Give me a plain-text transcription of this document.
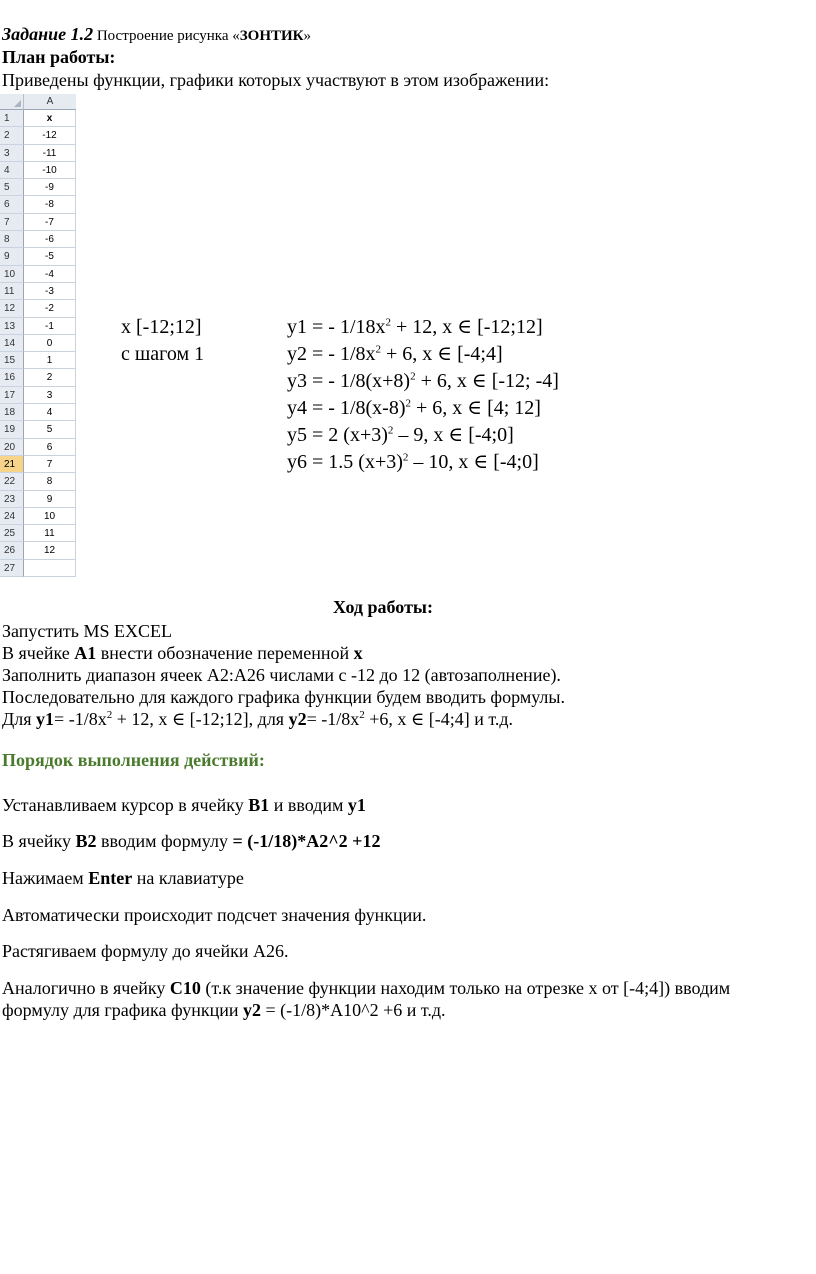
Задание 1.2 Построение рисунка «ЗОНТИК»
План работы:
Приведены функции, графики которых участвуют в этом изображении:
A
1	x
2	-12
3	-11
4	-10
5	-9
6	-8
7	-7
8	-6
9	-5
10	-4
11	-3
12	-2
13	-1
14	0
15	1
16	2
17	3
18	4
19	5
20	6
21	7
22	8
23	9
24	10
25	11
26	12
27
x [-12;12]
с шагом 1
y1 = - $1/18x^2 + 12$, x ∈ [-12;12]
y2 = - $1/8x^2 + 6$, x ∈ [-4;4]
y3 = - $1/8(x+8)^2 + 6$, x ∈ [-12; -4]
y4 = - $1/8(x-8)^2 + 6$, x ∈ [4; 12]
y5 = 2 $(x+3)^2 - 9$, x ∈ [-4;0]
y6 = 1.5 $(x+3)^2 - 10$, x ∈ [-4;0]
Ход работы:
Запустить MS EXCEL
В ячейке A1 внести обозначение переменной x
Заполнить диапазон ячеек А2:А26 числами с -12 до 12 (автозаполнение).
Последовательно для каждого графика функции будем вводить формулы.
Для $y1= -1/8x^2 + 12$, x ∈ [-12;12], для $y2= -1/8x^2 +6$, x ∈ [-4;4] и т.д.
Порядок выполнения действий:
Устанавливаем курсор в ячейку B1 и вводим y1
В ячейку B2 вводим формулу = (-1/18)*A2^2 +12
Нажимаем Enter на клавиатуре
Автоматически происходит подсчет значения функции.
Растягиваем формулу до ячейки А26.
Аналогично в ячейку C10 (т.к значение функции находим только на отрезке х от [-4;4]) вводим
формулу для графика функции y2 = (-1/8)*A10^2 +6 и т.д.
